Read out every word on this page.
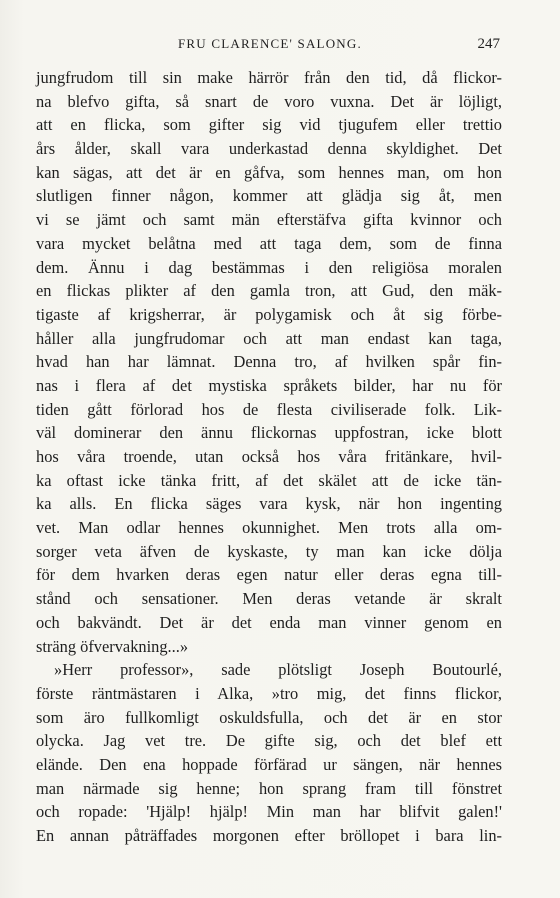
FRU CLARENCE' SALONG.	247
jungfrudom till sin make härrör från den tid, då flickor-
na blefvo gifta, så snart de voro vuxna. Det är löjligt,
att en flicka, som gifter sig vid tjugufem eller trettio
års ålder, skall vara underkastad denna skyldighet. Det
kan sägas, att det är en gåfva, som hennes man, om hon
slutligen finner någon, kommer att glädja sig åt, men
vi se jämt och samt män efterstäfva gifta kvinnor och
vara mycket belåtna med att taga dem, som de finna
dem. Ännu i dag bestämmas i den religiösa moralen
en flickas plikter af den gamla tron, att Gud, den mäk-
tigaste af krigsherrar, är polygamisk och åt sig förbe-
håller alla jungfrudomar och att man endast kan taga,
hvad han har lämnat. Denna tro, af hvilken spår fin-
nas i flera af det mystiska språkets bilder, har nu för
tiden gått förlorad hos de flesta civiliserade folk. Lik-
väl dominerar den ännu flickornas uppfostran, icke blott
hos våra troende, utan också hos våra fritänkare, hvil-
ka oftast icke tänka fritt, af det skälet att de icke tän-
ka alls. En flicka säges vara kysk, när hon ingenting
vet. Man odlar hennes okunnighet. Men trots alla om-
sorger veta äfven de kyskaste, ty man kan icke dölja
för dem hvarken deras egen natur eller deras egna till-
stånd och sensationer. Men deras vetande är skralt
och bakvändt. Det är det enda man vinner genom en
sträng öfvervakning...»
»Herr professor», sade plötsligt Joseph Boutourlé,
förste räntmästaren i Alka, »tro mig, det finns flickor,
som äro fullkomligt oskuldsfulla, och det är en stor
olycka. Jag vet tre. De gifte sig, och det blef ett
elände. Den ena hoppade förfärad ur sängen, när hennes
man närmade sig henne; hon sprang fram till fönstret
och ropade: 'Hjälp! hjälp! Min man har blifvit galen!'
En annan påträffades morgonen efter bröllopet i bara lin-
